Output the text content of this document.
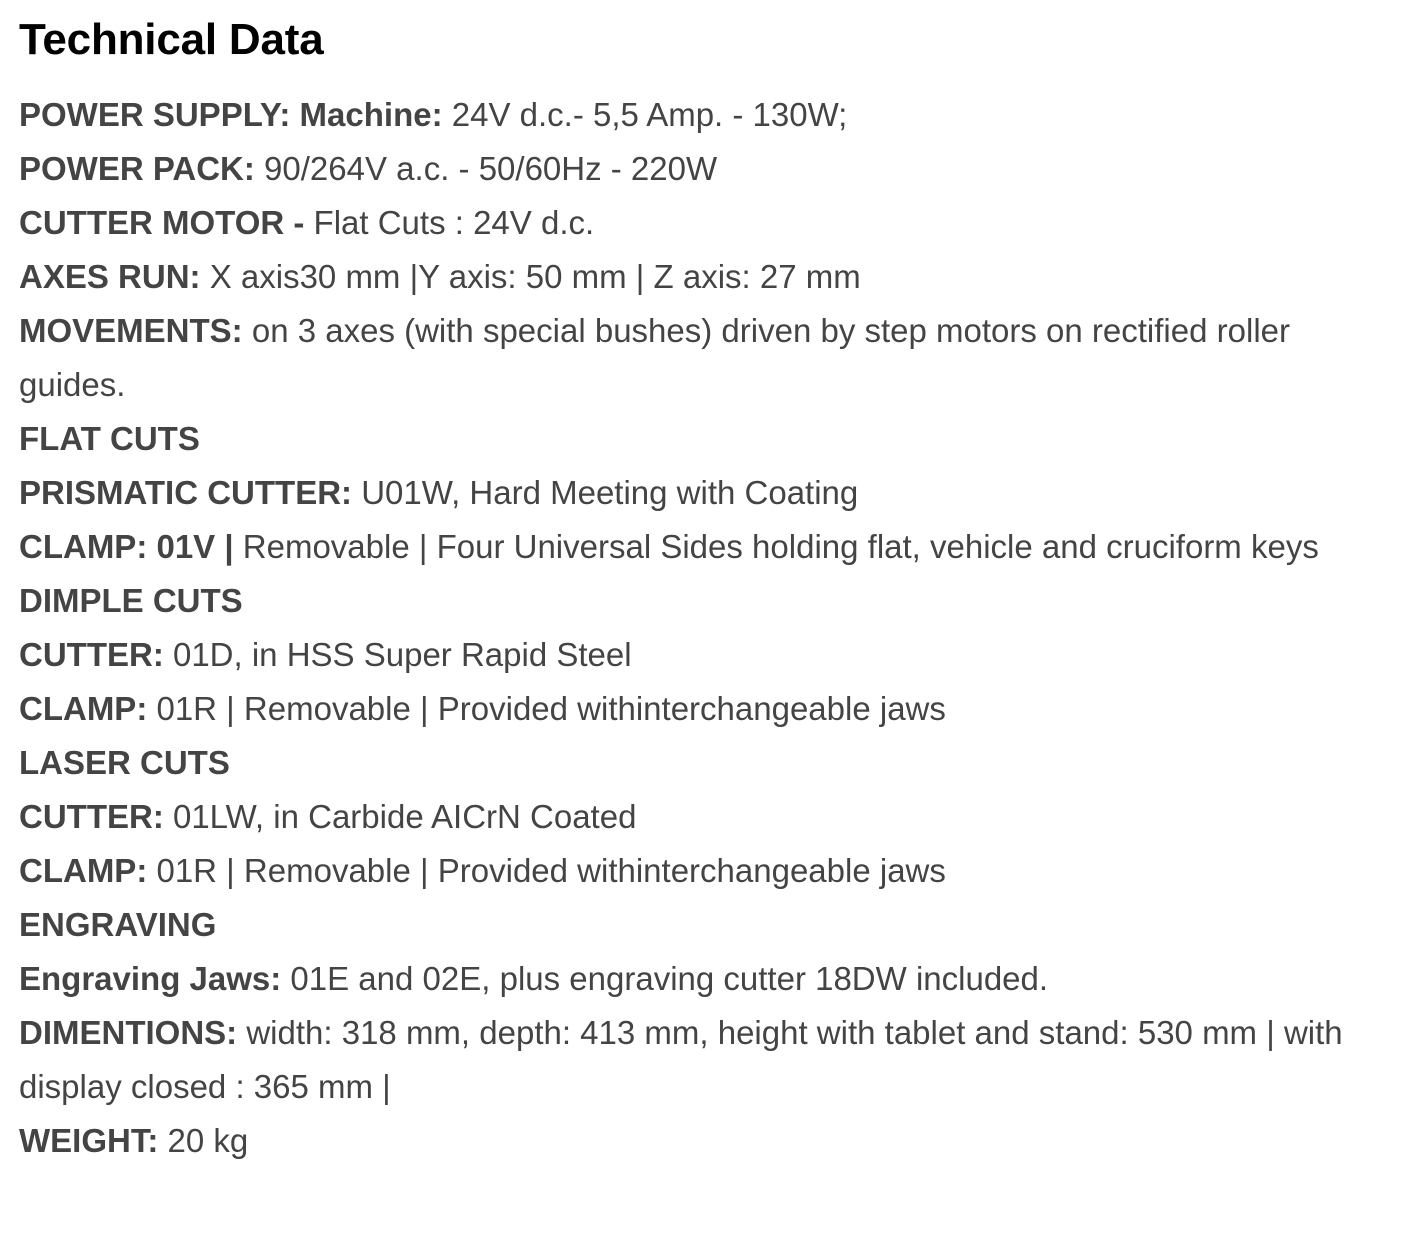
Technical Data

POWER SUPPLY: Machine: 24V d.c.- 5,5 Amp. - 130W;

POWER PACK: 90/264V a.c. - 50/60Hz - 220W

CUTTER MOTOR - Flat Cuts : 24V d.c.

AXES RUN: X axis30 mm |Y axis: 50 mm | Z axis: 27 mm

MOVEMENTS: on 3 axes (with special bushes) driven by step motors on rectified roller guides.

FLAT CUTS

PRISMATIC CUTTER: U01W, Hard Meeting with Coating

CLAMP: 01V | Removable | Four Universal Sides holding flat, vehicle and cruciform keys

DIMPLE CUTS

CUTTER: 01D, in HSS Super Rapid Steel

CLAMP: 01R | Removable | Provided withinterchangeable jaws

LASER CUTS

CUTTER: 01LW, in Carbide AICrN Coated

CLAMP: 01R | Removable | Provided withinterchangeable jaws

ENGRAVING

Engraving Jaws: 01E and 02E, plus engraving cutter 18DW included.

DIMENTIONS: width: 318 mm, depth: 413 mm, height with tablet and stand: 530 mm | with display closed : 365 mm |

WEIGHT: 20 kg
